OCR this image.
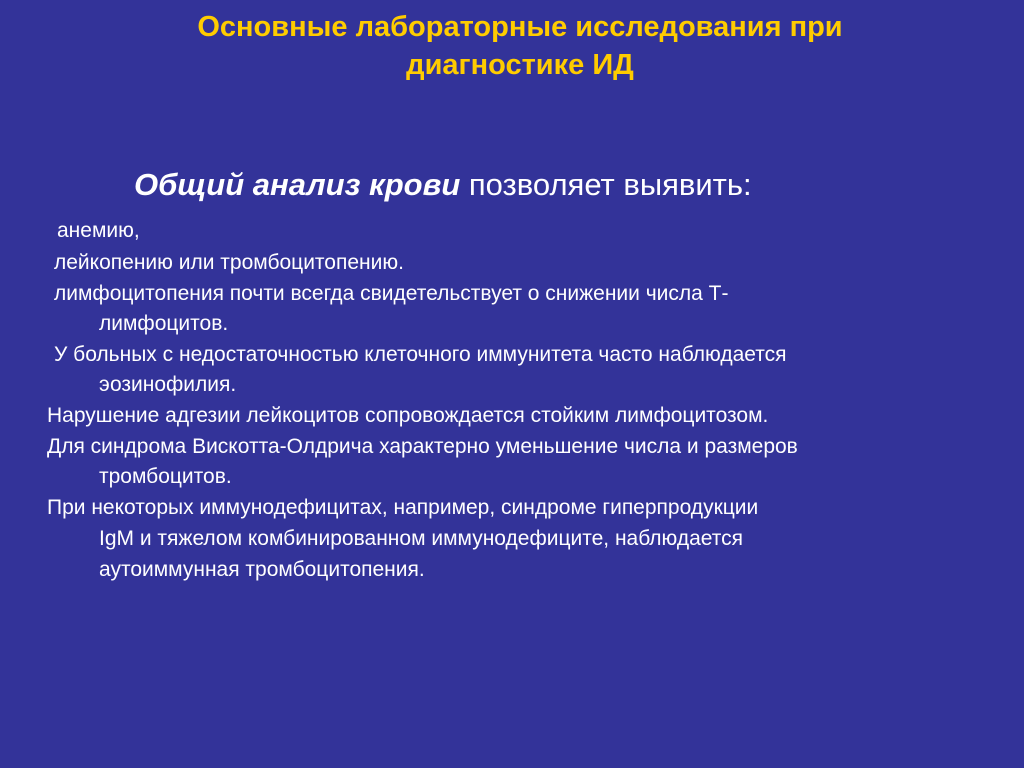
Основные лабораторные исследования при
диагностике ИД
Общий анализ крови позволяет выявить:
анемию,
лейкопению или тромбоцитопению.
лимфоцитопения почти всегда свидетельствует о снижении числа Т-
лимфоцитов.
У больных с недостаточностью клеточного иммунитета часто наблюдается
эозинофилия.
Нарушение адгезии лейкоцитов сопровождается стойким лимфоцитозом.
Для синдрома Вискотта-Олдрича характерно уменьшение числа и размеров
тромбоцитов.
При некоторых иммунодефицитах, например, синдроме гиперпродукции
IgM и тяжелом комбинированном иммунодефиците, наблюдается
аутоиммунная тромбоцитопения.
